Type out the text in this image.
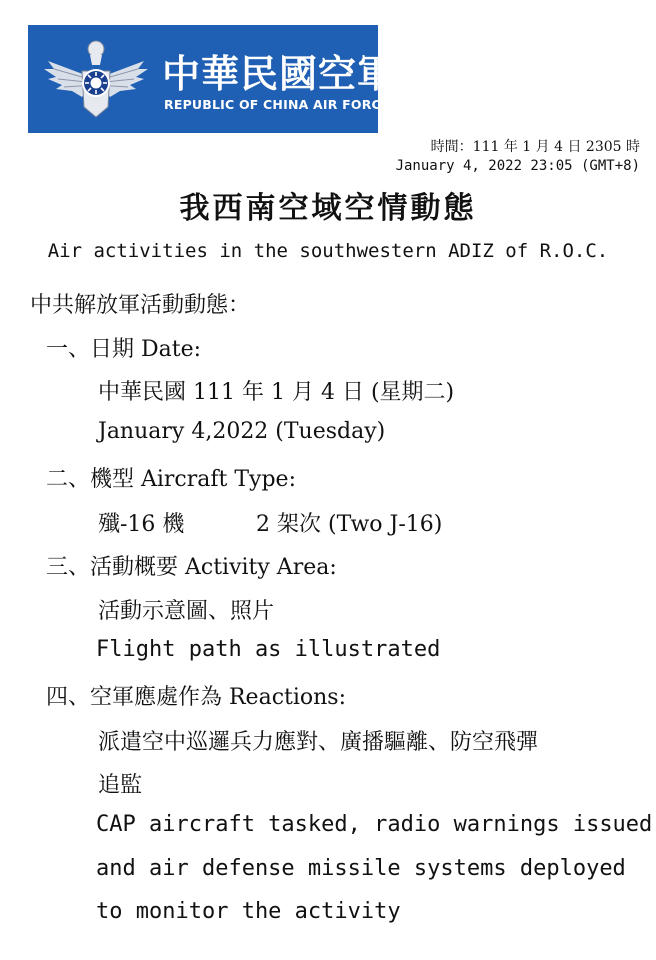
中華民國空軍
REPUBLIC OF CHINA AIR FORCE
時間：111 年 1 月 4 日 2305 時
January 4, 2022 23:05 (GMT+8)
我西南空域空情動態
Air activities in the southwestern ADIZ of R.O.C.
中共解放軍活動動態：
一、日期 Date:
中華民國 111 年 1 月 4 日 (星期二)
January 4,2022 (Tuesday)
二、機型 Aircraft Type:
殲-16 機	2 架次 (Two J-16)
三、活動概要 Activity Area:
活動示意圖、照片
Flight path as illustrated
四、空軍應處作為 Reactions:
派遣空中巡邏兵力應對、廣播驅離、防空飛彈
追監
CAP aircraft tasked, radio warnings issued
and air defense missile systems deployed
to monitor the activity
